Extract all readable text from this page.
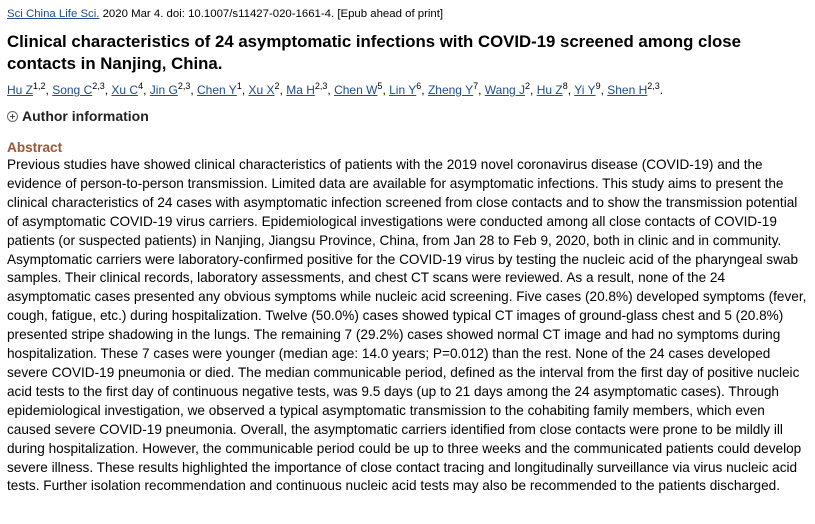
Sci China Life Sci. 2020 Mar 4. doi: 10.1007/s11427-020-1661-4. [Epub ahead of print]

Clinical characteristics of 24 asymptomatic infections with COVID-19 screened among close contacts in Nanjing, China.
Hu Z$^{1,2}$, Song C$^{2,3}$, Xu $C^4$, Jin G$^{2,3}$, Chen $Y^1$, Xu $X^2$, Ma H$^{2,3}$, Chen $W^5$, Lin $Y^6$, Zheng $Y^7$, Wang $J^2$, Hu $Z^8$, Yi $Y^9$, Shen H$^{2,3}$.
Author information
Abstract

Previous studies have showed clinical characteristics of patients with the 2019 novel coronavirus disease (COVID-19) and the evidence of person-to-person transmission. Limited data are available for asymptomatic infections. This study aims to present the clinical characteristics of 24 cases with asymptomatic infection screened from close contacts and to show the transmission potential of asymptomatic COVID-19 virus carriers. Epidemiological investigations were conducted among all close contacts of COVID-19 patients (or suspected patients) in Nanjing, Jiangsu Province, China, from Jan 28 to Feb 9, 2020, both in clinic and in community. Asymptomatic carriers were laboratory-confirmed positive for the COVID-19 virus by testing the nucleic acid of the pharyngeal swab samples. Their clinical records, laboratory assessments, and chest CT scans were reviewed. As a result, none of the 24 asymptomatic cases presented any obvious symptoms while nucleic acid screening. Five cases (20.8%) developed symptoms (fever, cough, fatigue, etc.) during hospitalization. Twelve (50.0%) cases showed typical CT images of ground-glass chest and 5 (20.8%) presented stripe shadowing in the lungs. The remaining 7 (29.2%) cases showed normal CT image and had no symptoms during hospitalization. These 7 cases were younger (median age: 14.0 years; P=0.012) than the rest. None of the 24 cases developed severe COVID-19 pneumonia or died. The median communicable period, defined as the interval from the first day of positive nucleic acid tests to the first day of continuous negative tests, was 9.5 days (up to 21 days among the 24 asymptomatic cases). Through epidemiological investigation, we observed a typical asymptomatic transmission to the cohabiting family members, which even caused severe COVID-19 pneumonia. Overall, the asymptomatic carriers identified from close contacts were prone to be mildly ill during hospitalization. However, the communicable period could be up to three weeks and the communicated patients could develop severe illness. These results highlighted the importance of close contact tracing and longitudinally surveillance via virus nucleic acid tests. Further isolation recommendation and continuous nucleic acid tests may also be recommended to the patients discharged.
